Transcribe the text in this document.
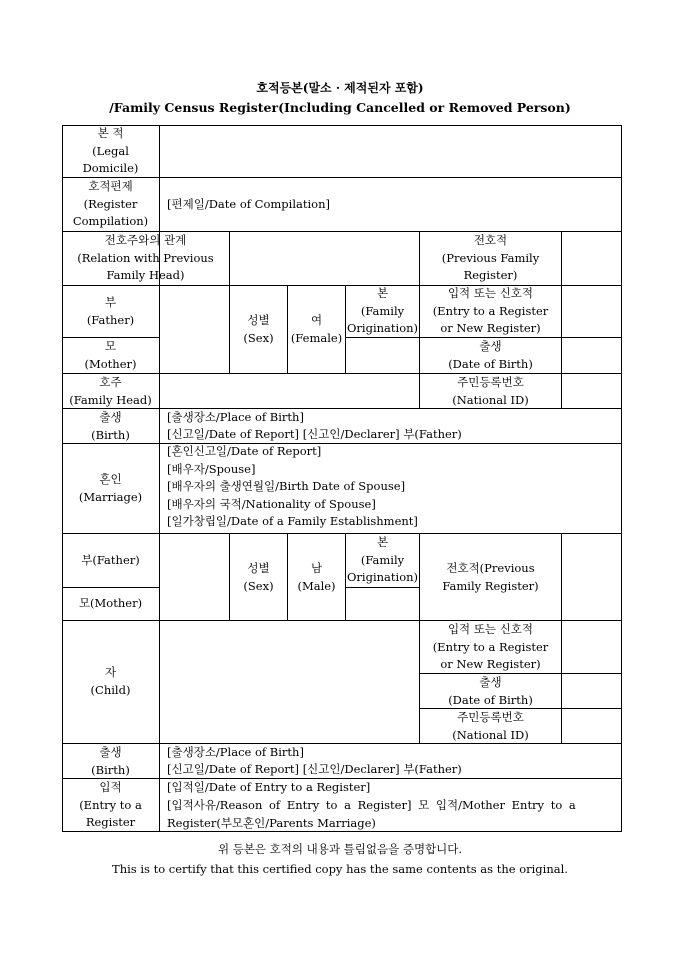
호적등본(말소 · 제적된자 포함)
/Family Census Register(Including Cancelled or Removed Person)
본 적
(Legal
Domicile)
호적편제
(Register
Compilation)
[편제일/Date of Compilation]
전호주와의 관계
(Relation with Previous
Family Head)
전호적
(Previous Family
Register)
부
(Father)
모
(Mother)
성별
(Sex)
여
(Female)
본
(Family
Origination)
입적 또는 신호적
(Entry to a Register
or New Register)
출생
(Date of Birth)
호주
(Family Head)
주민등록번호
(National ID)
출생
(Birth)
[출생장소/Place of Birth]
[신고일/Date of Report] [신고인/Declarer] 부(Father)
혼인
(Marriage)
[혼인신고일/Date of Report]
[배우자/Spouse]
[배우자의 출생연월일/Birth Date of Spouse]
[배우자의 국적/Nationality of Spouse]
[일가창립일/Date of a Family Establishment]
부(Father)
모(Mother)
성별
(Sex)
남
(Male)
본
(Family
Origination)
전호적(Previous
Family Register)
자
(Child)
입적 또는 신호적
(Entry to a Register
or New Register)
출생
(Date of Birth)
주민등록번호
(National ID)
출생
(Birth)
[출생장소/Place of Birth]
[신고일/Date of Report] [신고인/Declarer] 부(Father)
입적
(Entry to a
Register
[입적일/Date of Entry to a Register]
[입적사유/Reason of Entry to a Register] 모 입적/Mother Entry to a
Register(부모혼인/Parents Marriage)
위 등본은 호적의 내용과 틀림없음을 증명합니다.
This is to certify that this certified copy has the same contents as the original.
